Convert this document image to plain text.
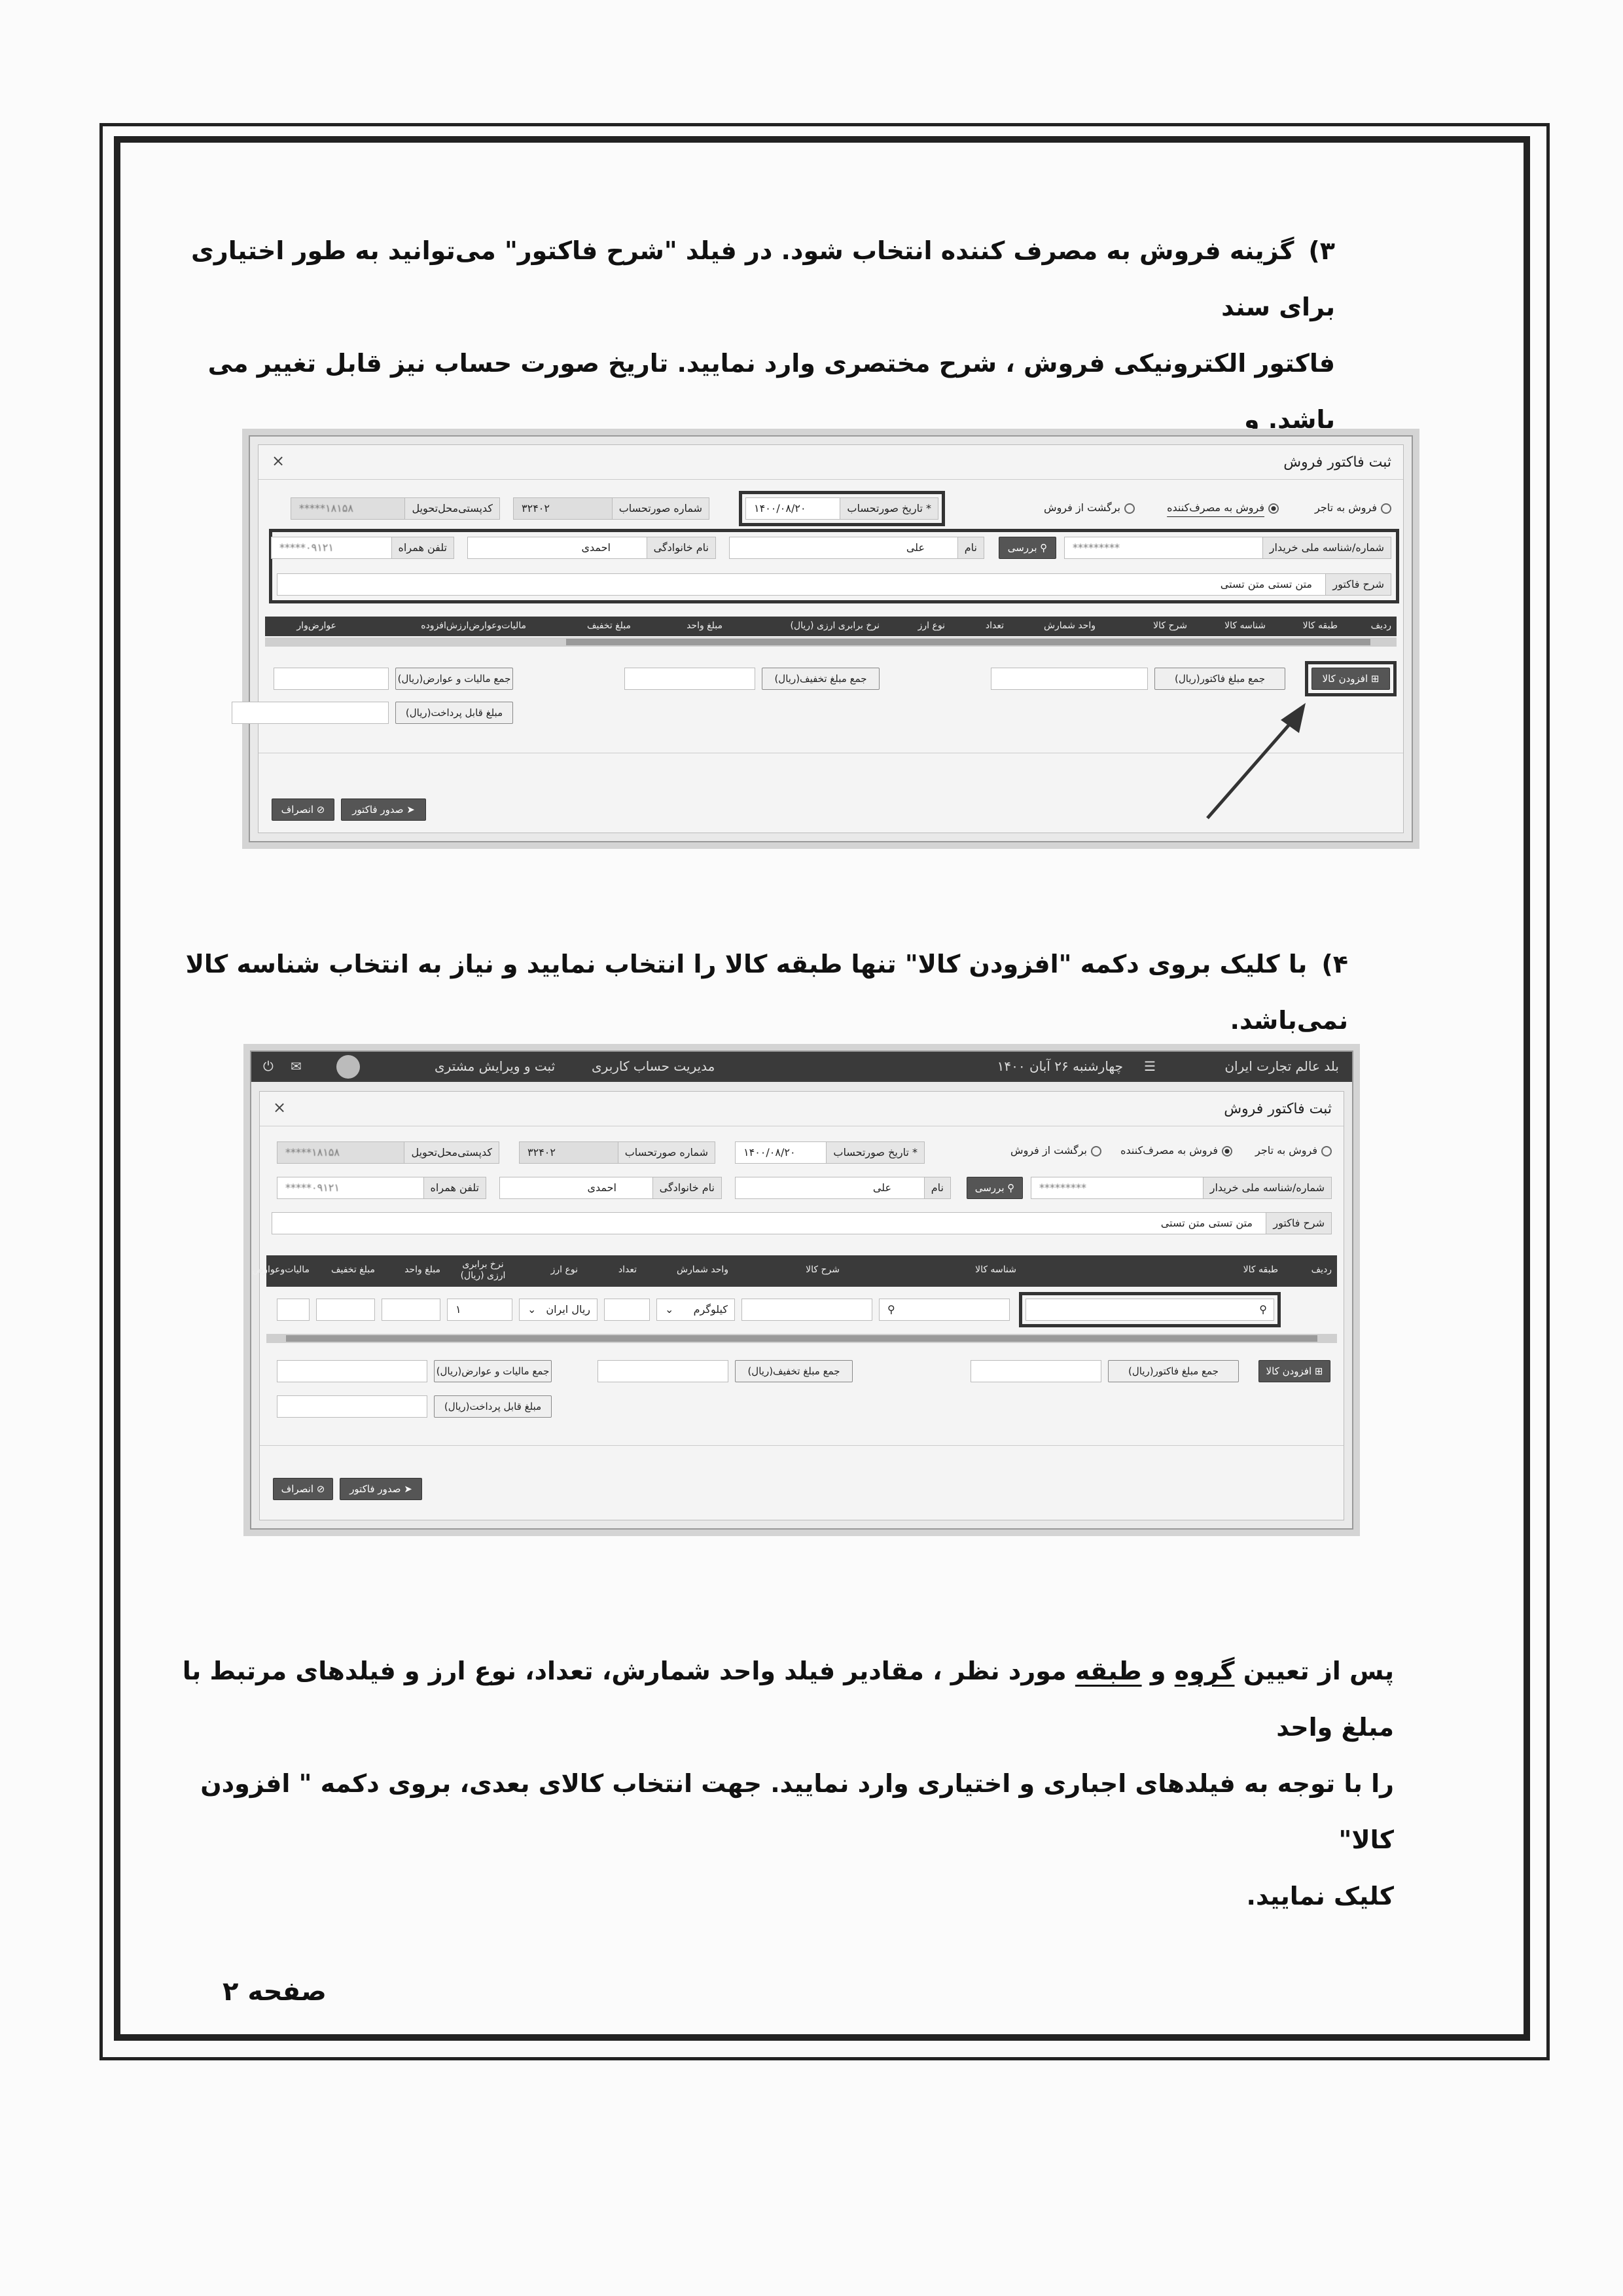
۳)گزینه فروش به مصرف کننده انتخاب شود. در فیلد "شرح فاکتور" می‌توانید به طور اختیاری برای سند
فاکتور الکترونیکی فروش ، شرح مختصری وارد نمایید. تاریخ صورت حساب نیز قابل تغییر می باشد. و
ثبت فاکتور فروش
×
فروش به تاجر
فروش به مصرف‌کننده
برگشت از فروش
* تاریخ صورتحساب
۱۴۰۰/۰۸/۲۰
شماره صورتحساب
۳۲۴۰۲
کدپستی‌محل‌تحویل
۱۸۱۵۸*****
شماره/شناسه ملی خریدار
*********
⚲ بررسی
نام
علی
نام خانوادگی
احمدی
تلفن همراه
۰۹۱۲۱*****
شرح فاکتور
متن تستی متن تستی
ردیف
طبقه کالا
شناسه کالا
شرح کالا
واحد شمارش
تعداد
نوع ارز
نرخ برابری ارزی (ریال)
مبلغ واحد
مبلغ تخفیف
مالیات‌وعوارض‌ارزش‌افزوده
عوارض‌و‌ار
⊞ افزودن کالا
جمع مبلغ فاکتور(ریال)
جمع مبلغ تخفیف(ریال)
جمع مالیات و عوارض(ریال)
مبلغ قابل پرداخت(ریال)
⊘ انصراف	➤ صدور فاکتور
۴)با کلیک بروی دکمه "افزودن کالا" تنها طبقه کالا را انتخاب نمایید و نیاز به انتخاب شناسه کالا نمی‌باشد.
بلد عالم تجارت ایران
☰
چهارشنبه ۲۶ آبان ۱۴۰۰
مدیریت حساب کاربری
ثبت و ویرایش مشتری
✉
⏻
ثبت فاکتور فروش
×
فروش به تاجر
فروش به مصرف‌کننده
برگشت از فروش
* تاریخ صورتحساب
۱۴۰۰/۰۸/۲۰
شماره صورتحساب
۳۲۴۰۲
کدپستی‌محل‌تحویل
۱۸۱۵۸*****
شماره/شناسه ملی خریدار
*********
⚲ بررسی
نام
علی
نام خانوادگی
احمدی
تلفن همراه
۰۹۱۲۱*****
شرح فاکتور
متن تستی متن تستی
ردیف
طبقه کالا
شناسه کالا
شرح کالا
واحد شمارش
تعداد
نوع ارز
نرخ برابری ارزی (ریال)
مبلغ واحد
مبلغ تخفیف
مالیات‌وعوارض
⚲
⚲
کیلوگرم
⌄
ریال ایران
⌄
۱
⊞ افزودن کالا
جمع مبلغ فاکتور(ریال)
جمع مبلغ تخفیف(ریال)
جمع مالیات و عوارض(ریال)
مبلغ قابل پرداخت(ریال)
⊘ انصراف	➤ صدور فاکتور
پس از تعیین گروه و طبقه مورد نظر ، مقادیر فیلد واحد شمارش، تعداد، نوع ارز و فیلدهای مرتبط با مبلغ واحد
را با توجه به فیلدهای اجباری و اختیاری وارد نمایید. جهت انتخاب کالای بعدی، بروی دکمه " افزودن کالا"
کلیک نمایید.
صفحه ۲
